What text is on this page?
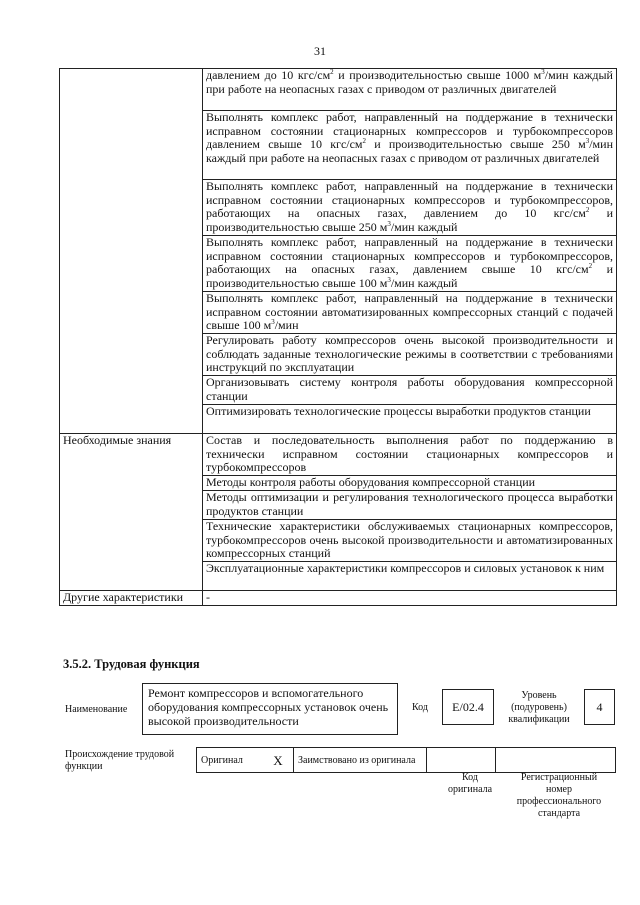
31
	давлением до 10 кгс/$см^2$ и производительностью свыше 1000 $м^3$/мин каждый при работе на неопасных газах с приводом от различных двигателей
	Выполнять комплекс работ, направленный на поддержание в технически исправном состоянии стационарных компрессоров и турбокомпрессоров давлением свыше 10 кгс/$см^2$ и производительностью свыше 250 $м^3$/мин каждый при работе на неопасных газах с приводом от различных двигателей
	Выполнять комплекс работ, направленный на поддержание в технически исправном состоянии стационарных компрессоров и турбокомпрессоров, работающих на опасных газах, давлением до 10 кгс/$см^2$ и производительностью свыше 250 $м^3$/мин каждый
	Выполнять комплекс работ, направленный на поддержание в технически исправном состоянии стационарных компрессоров и турбокомпрессоров, работающих на опасных газах, давлением свыше 10 кгс/$см^2$ и производительностью свыше 100 $м^3$/мин каждый
	Выполнять комплекс работ, направленный на поддержание в технически исправном состоянии автоматизированных компрессорных станций с подачей свыше 100 $м^3$/мин
	Регулировать работу компрессоров очень высокой производительности и соблюдать заданные технологические режимы в соответствии с требованиями инструкций по эксплуатации
	Организовывать систему контроля работы оборудования компрессорной станции
	Оптимизировать технологические процессы выработки продуктов станции
Необходимые знания	Состав и последовательность выполнения работ по поддержанию в технически исправном состоянии стационарных компрессоров и турбокомпрессоров
	Методы контроля работы оборудования компрессорной станции
	Методы оптимизации и регулирования технологического процесса выработки продуктов станции
	Технические характеристики обслуживаемых стационарных компрессоров, турбокомпрессоров очень высокой производительности и автоматизированных компрессорных станций
	Эксплуатационные характеристики компрессоров и силовых установок к ним
Другие характеристики	-
3.5.2. Трудовая функция
Наименование
Ремонт компрессоров и вспомогательного оборудования компрессорных установок очень высокой производительности
Код	E/02.4
Уровень (подуровень) квалификации
4
Происхождение трудовой функции
Оригинал	X	Заимствовано из оригинала		
Код оригинала
Регистрационный номер профессионального стандарта
